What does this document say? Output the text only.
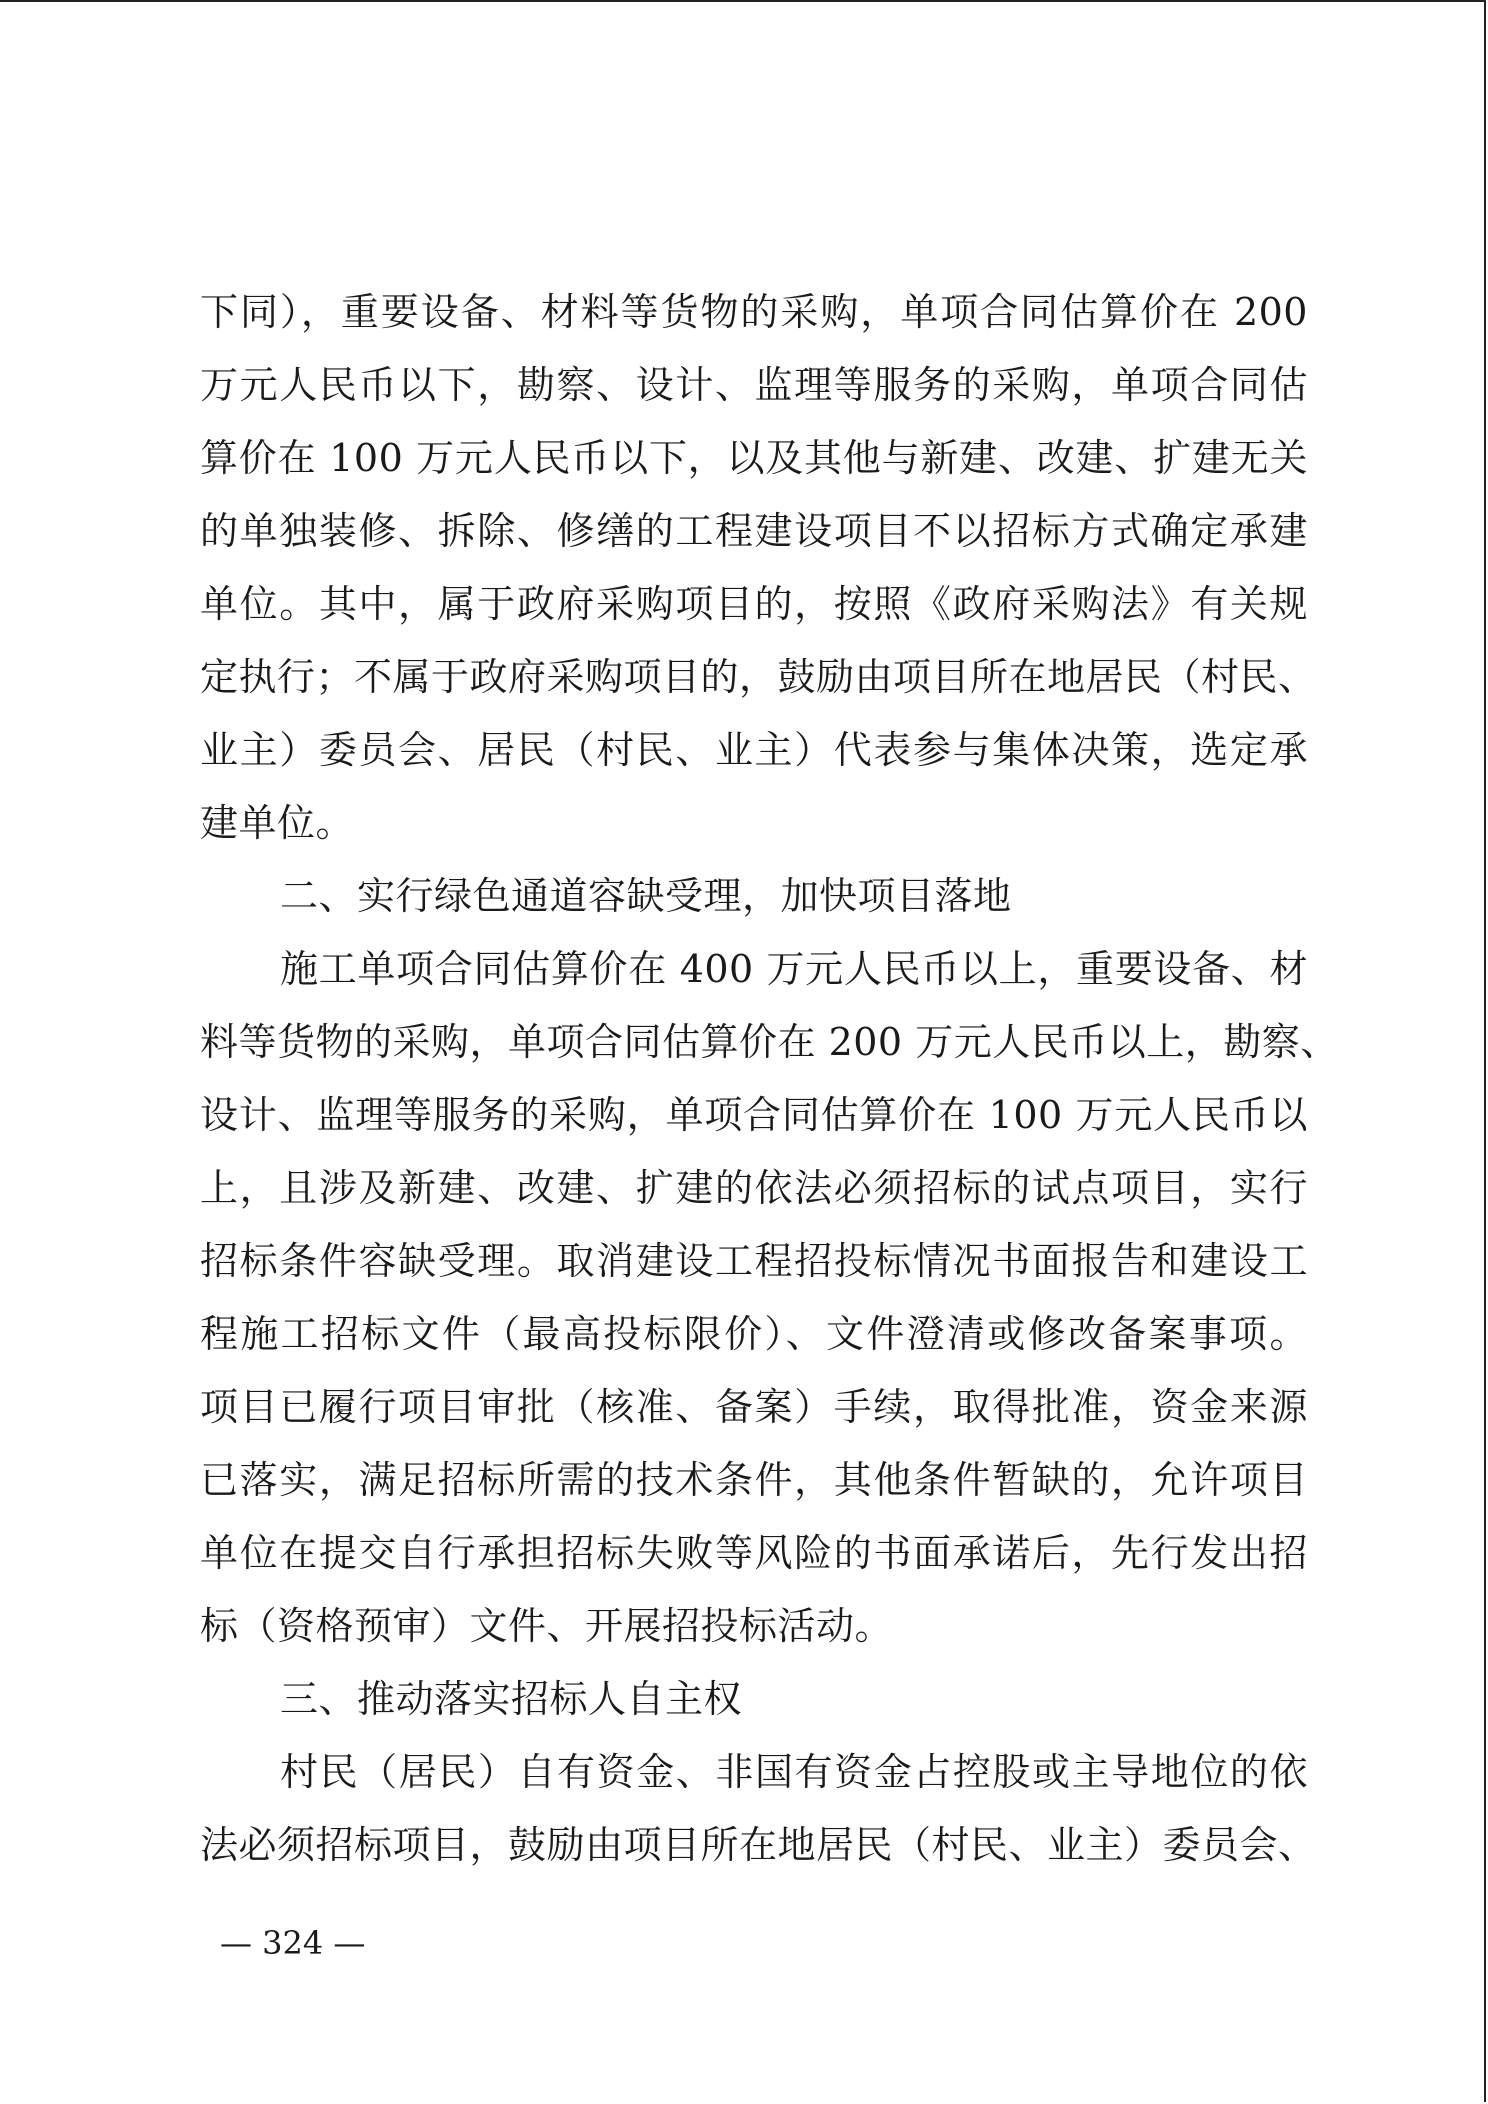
下同），重要设备、材料等货物的采购，单项合同估算价在 200
万元人民币以下，勘察、设计、监理等服务的采购，单项合同估
算价在 100 万元人民币以下，以及其他与新建、改建、扩建无关
的单独装修、拆除、修缮的工程建设项目不以招标方式确定承建
单位。其中，属于政府采购项目的，按照《政府采购法》有关规
定执行；不属于政府采购项目的，鼓励由项目所在地居民（村民、
业主）委员会、居民（村民、业主）代表参与集体决策，选定承
建单位。
二、实行绿色通道容缺受理，加快项目落地
施工单项合同估算价在 400 万元人民币以上，重要设备、材
料等货物的采购，单项合同估算价在 200 万元人民币以上，勘察、
设计、监理等服务的采购，单项合同估算价在 100 万元人民币以
上，且涉及新建、改建、扩建的依法必须招标的试点项目，实行
招标条件容缺受理。取消建设工程招投标情况书面报告和建设工
程施工招标文件（最高投标限价）、文件澄清或修改备案事项。
项目已履行项目审批（核准、备案）手续，取得批准，资金来源
已落实，满足招标所需的技术条件，其他条件暂缺的，允许项目
单位在提交自行承担招标失败等风险的书面承诺后，先行发出招
标（资格预审）文件、开展招投标活动。
三、推动落实招标人自主权
村民（居民）自有资金、非国有资金占控股或主导地位的依
法必须招标项目，鼓励由项目所在地居民（村民、业主）委员会、
— 324 —
